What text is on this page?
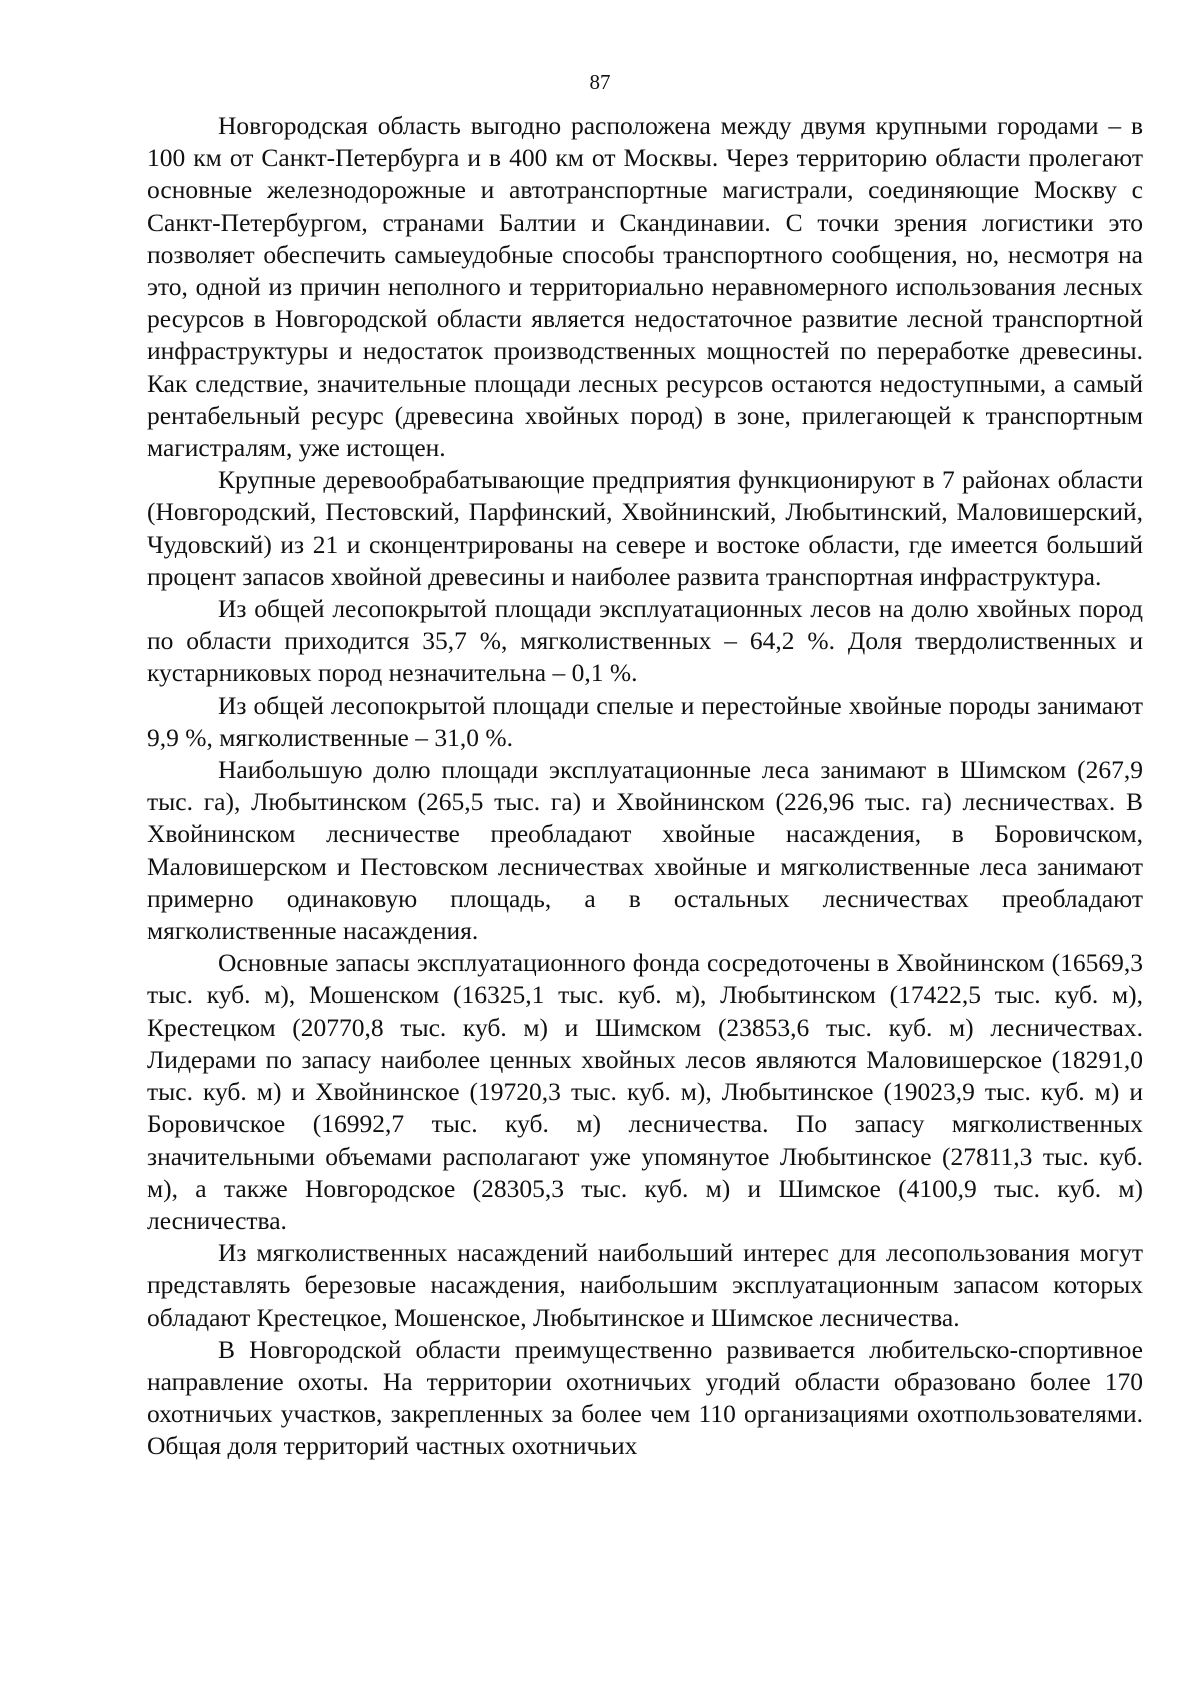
87

Новгородская область выгодно расположена между двумя крупными городами – в 100 км от Санкт-Петербурга и в 400 км от Москвы. Через территорию области пролегают основные железнодорожные и автотранспортные магистрали, соединяющие Москву с Санкт-Петербургом, странами Балтии и Скандинавии. С точки зрения логистики это позволяет обеспечить самыеудобные способы транспортного сообщения, но, несмотря на это, одной из причин неполного и территориально неравномерного использования лесных ресурсов в Новгородской области является недостаточное развитие лесной транспортной инфраструктуры и недостаток производственных мощностей по переработке древесины. Как следствие, значительные площади лесных ресурсов остаются недоступными, а самый рентабельный ресурс (древесина хвойных пород) в зоне, прилегающей к транспортным магистралям, уже истощен.

Крупные деревообрабатывающие предприятия функционируют в 7 районах области (Новгородский, Пестовский, Парфинский, Хвойнинский, Любытинский, Маловишерский, Чудовский) из 21 и сконцентрированы на севере и востоке области, где имеется больший процент запасов хвойной древесины и наиболее развита транспортная инфраструктура.

Из общей лесопокрытой площади эксплуатационных лесов на долю хвойных пород по области приходится 35,7 %, мягколиственных – 64,2 %. Доля твердолиственных и кустарниковых пород незначительна – 0,1 %.

Из общей лесопокрытой площади спелые и перестойные хвойные породы занимают 9,9 %, мягколиственные – 31,0 %.

Наибольшую долю площади эксплуатационные леса занимают в Шимском (267,9 тыс. га), Любытинском (265,5 тыс. га) и Хвойнинском (226,96 тыс. га) лесничествах. В Хвойнинском лесничестве преобладают хвойные насаждения, в Боровичском, Маловишерском и Пестовском лесничествах хвойные и мягколиственные леса занимают примерно одинаковую площадь, а в остальных лесничествах преобладают мягколиственные насаждения.

Основные запасы эксплуатационного фонда сосредоточены в Хвойнинском (16569,3 тыс. куб. м), Мошенском (16325,1 тыс. куб. м), Любытинском (17422,5 тыс. куб. м), Крестецком (20770,8 тыс. куб. м) и Шимском (23853,6 тыс. куб. м) лесничествах. Лидерами по запасу наиболее ценных хвойных лесов являются Маловишерское (18291,0 тыс. куб. м) и Хвойнинское (19720,3 тыс. куб. м), Любытинское (19023,9 тыс. куб. м) и Боровичское (16992,7 тыс. куб. м) лесничества. По запасу мягколиственных значительными объемами располагают уже упомянутое Любытинское (27811,3 тыс. куб. м), а также Новгородское (28305,3 тыс. куб. м) и Шимское (4100,9 тыс. куб. м) лесничества.

Из мягколиственных насаждений наибольший интерес для лесопользования могут представлять березовые насаждения, наибольшим эксплуатационным запасом которых обладают Крестецкое, Мошенское, Любытинское и Шимское лесничества.

В Новгородской области преимущественно развивается любительско-спортивное направление охоты. На территории охотничьих угодий области образовано более 170 охотничьих участков, закрепленных за более чем 110 организациями охотпользователями. Общая доля территорий частных охотничьих
